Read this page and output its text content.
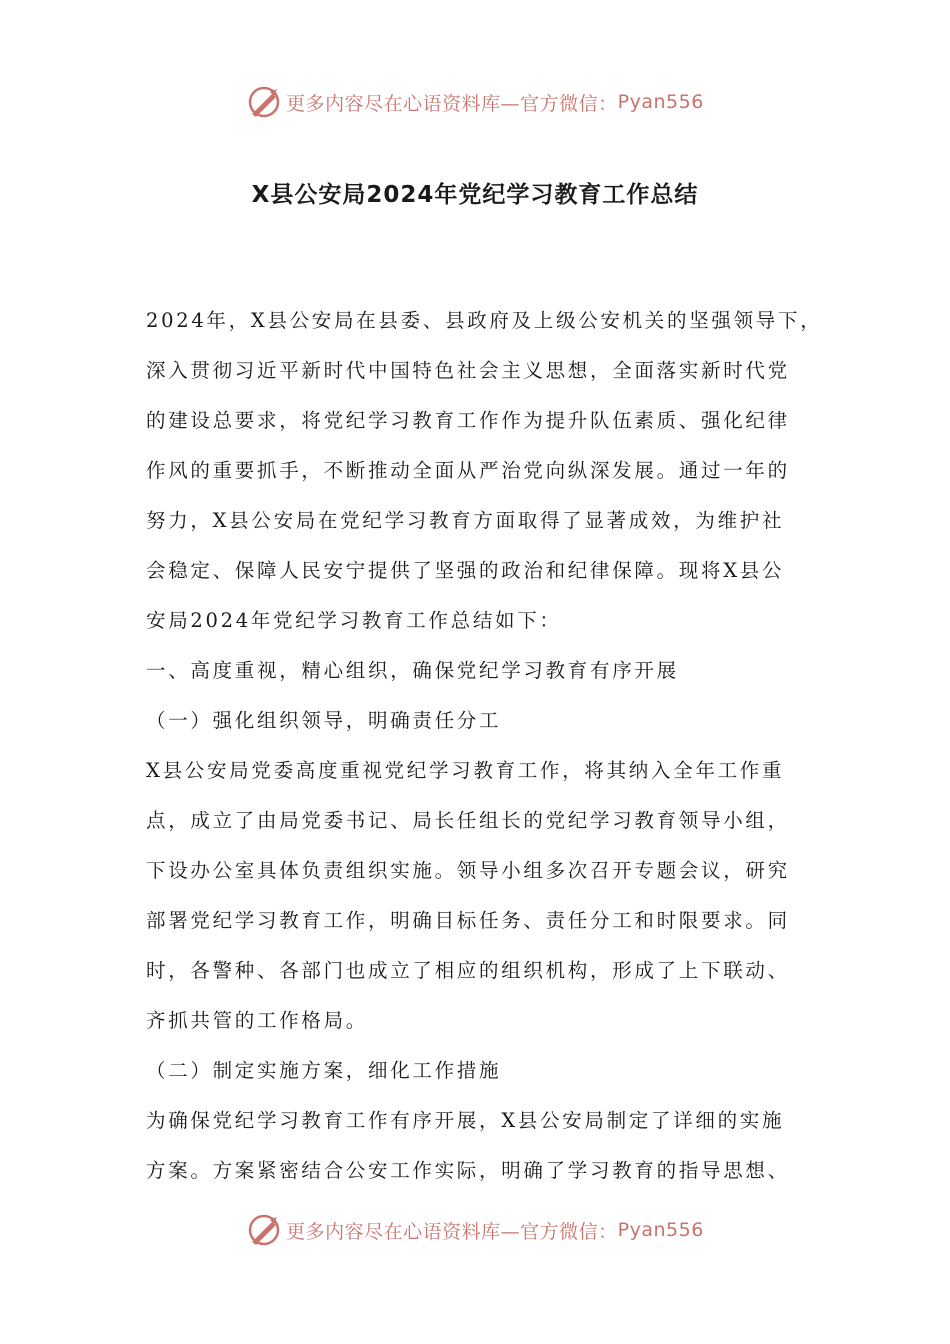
更多内容尽在心语资料库—官方微信： Pyan556
X县公安局2024年党纪学习教育工作总结
2024年，X县公安局在县委、县政府及上级公安机关的坚强领导下，
深入贯彻习近平新时代中国特色社会主义思想，全面落实新时代党
的建设总要求，将党纪学习教育工作作为提升队伍素质、强化纪律
作风的重要抓手，不断推动全面从严治党向纵深发展。通过一年的
努力，X县公安局在党纪学习教育方面取得了显著成效，为维护社
会稳定、保障人民安宁提供了坚强的政治和纪律保障。现将X县公
安局2024年党纪学习教育工作总结如下：
一、高度重视，精心组织，确保党纪学习教育有序开展
（一）强化组织领导，明确责任分工
X县公安局党委高度重视党纪学习教育工作，将其纳入全年工作重
点，成立了由局党委书记、局长任组长的党纪学习教育领导小组，
下设办公室具体负责组织实施。领导小组多次召开专题会议，研究
部署党纪学习教育工作，明确目标任务、责任分工和时限要求。同
时，各警种、各部门也成立了相应的组织机构，形成了上下联动、
齐抓共管的工作格局。
（二）制定实施方案，细化工作措施
为确保党纪学习教育工作有序开展，X县公安局制定了详细的实施
方案。方案紧密结合公安工作实际，明确了学习教育的指导思想、
更多内容尽在心语资料库—官方微信： Pyan556
